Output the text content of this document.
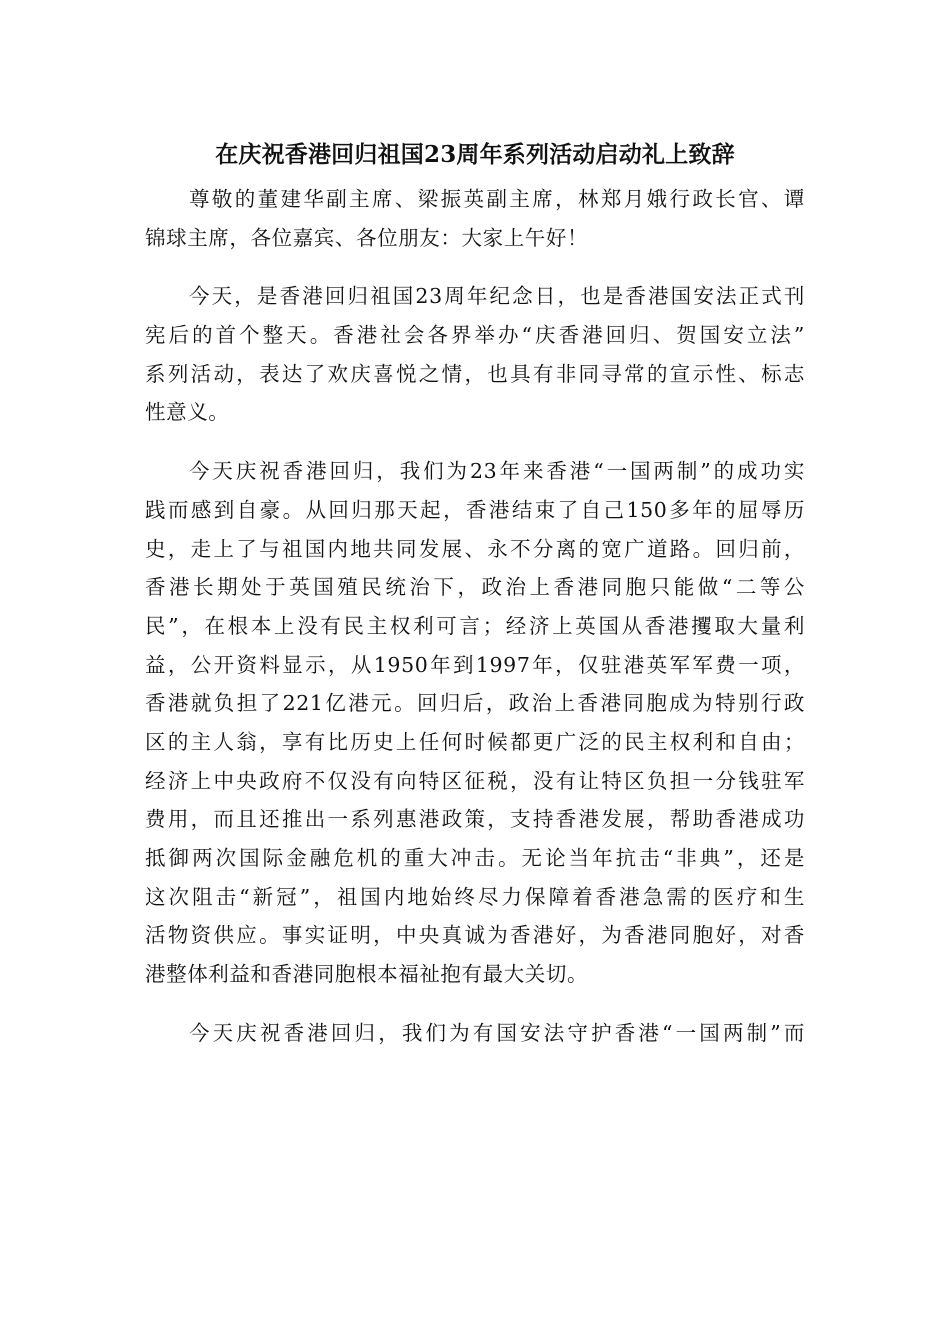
在庆祝香港回归祖国23周年系列活动启动礼上致辞

尊敬的董建华副主席、梁振英副主席，林郑月娥行政长官、谭
锦球主席，各位嘉宾、各位朋友：大家上午好！

今天，是香港回归祖国23周年纪念日，也是香港国安法正式刊
宪后的首个整天。香港社会各界举办“庆香港回归、贺国安立法”
系列活动，表达了欢庆喜悦之情，也具有非同寻常的宣示性、标志
性意义。

今天庆祝香港回归，我们为23年来香港“一国两制”的成功实
践而感到自豪。从回归那天起，香港结束了自己150多年的屈辱历
史，走上了与祖国内地共同发展、永不分离的宽广道路。回归前，
香港长期处于英国殖民统治下，政治上香港同胞只能做“二等公
民”，在根本上没有民主权利可言；经济上英国从香港攫取大量利
益，公开资料显示，从1950年到1997年，仅驻港英军军费一项，
香港就负担了221亿港元。回归后，政治上香港同胞成为特别行政
区的主人翁，享有比历史上任何时候都更广泛的民主权利和自由；
经济上中央政府不仅没有向特区征税，没有让特区负担一分钱驻军
费用，而且还推出一系列惠港政策，支持香港发展，帮助香港成功
抵御两次国际金融危机的重大冲击。无论当年抗击“非典”，还是
这次阻击“新冠”，祖国内地始终尽力保障着香港急需的医疗和生
活物资供应。事实证明，中央真诚为香港好，为香港同胞好，对香
港整体利益和香港同胞根本福祉抱有最大关切。

今天庆祝香港回归，我们为有国安法守护香港“一国两制”而
